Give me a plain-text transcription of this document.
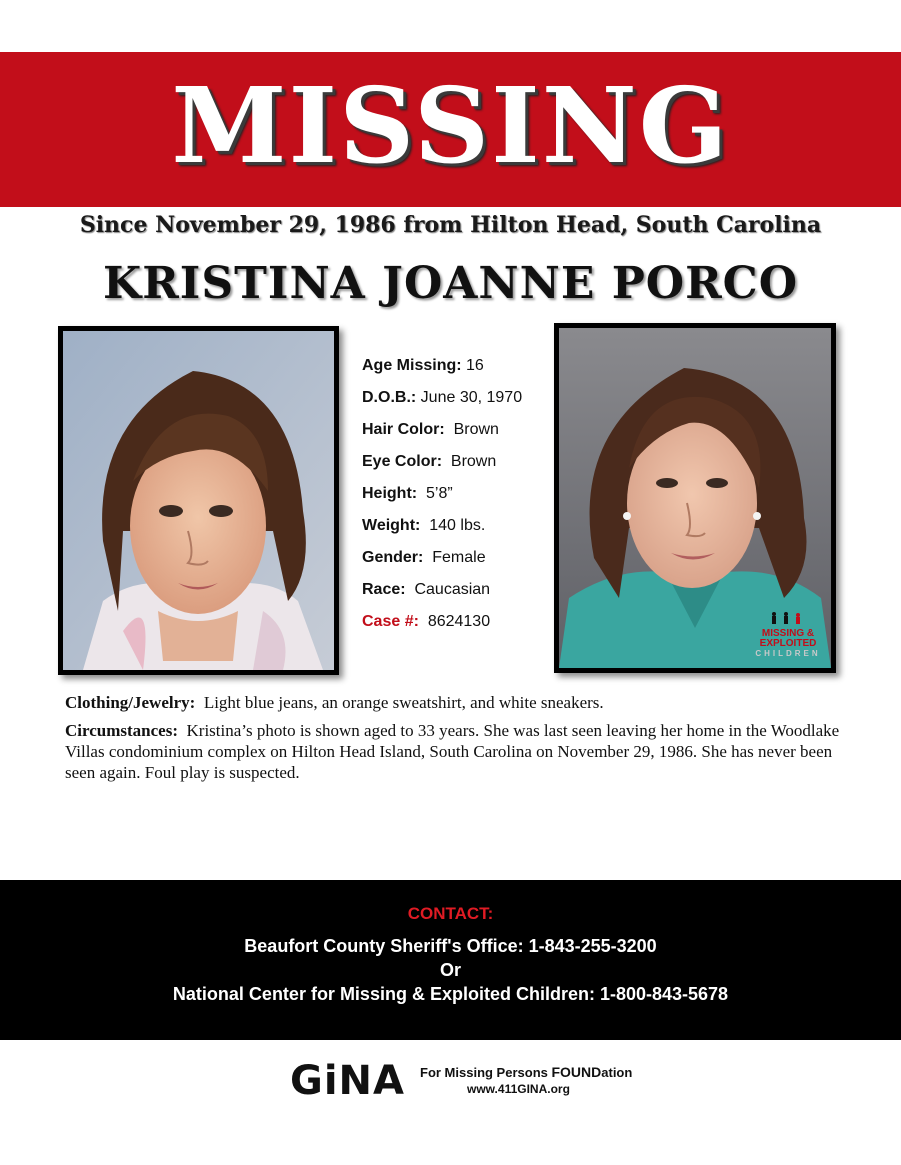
MISSING
Since November 29, 1986 from Hilton Head, South Carolina
KRISTINA JOANNE PORCO
Age Missing: 16
D.O.B.: June 30, 1970
Hair Color: Brown
Eye Color: Brown
Height: 5’8”
Weight: 140 lbs.
Gender: Female
Race: Caucasian
Case #: 8624130
MISSING &
EXPLOITED
CHILDREN
Clothing/Jewelry: Light blue jeans, an orange sweatshirt, and white sneakers.
Circumstances: Kristina’s photo is shown aged to 33 years. She was last seen leaving her home in the Woodlake Villas condominium complex on Hilton Head Island, South Carolina on November 29, 1986. She has never been seen again. Foul play is suspected.
CONTACT:
Beaufort County Sheriff's Office: 1-843-255-3200
Or
National Center for Missing & Exploited Children: 1-800-843-5678
GiNA For Missing Persons FOUNDation
www.411GINA.org
